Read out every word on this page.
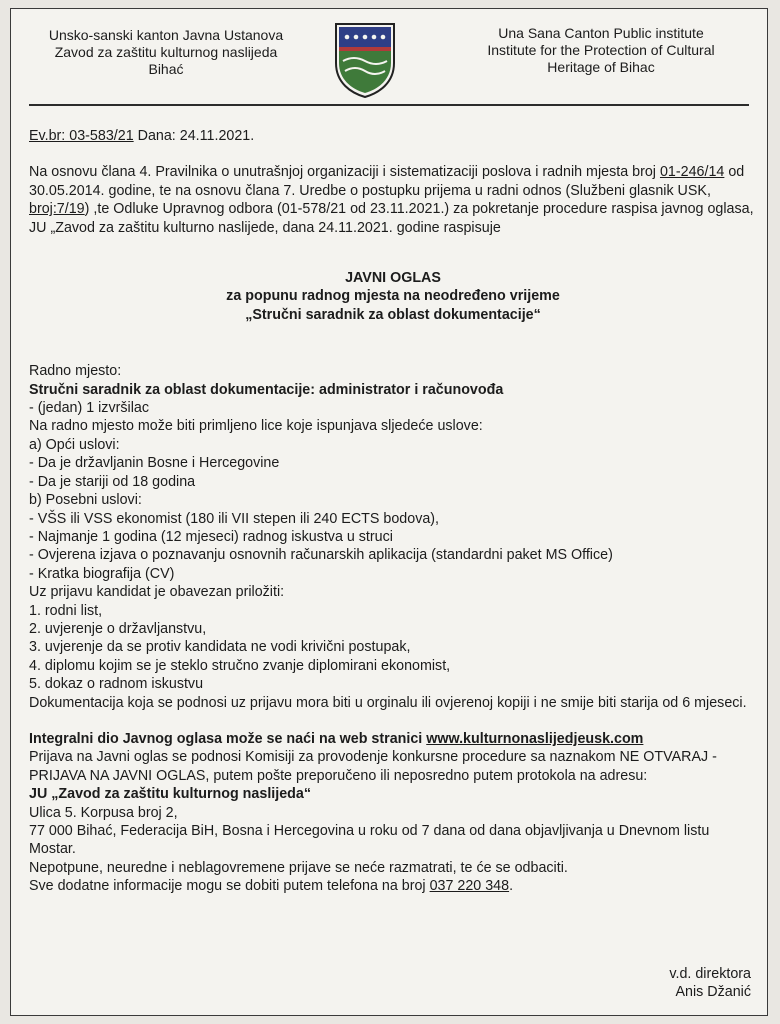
Unsko-sanski kanton Javna Ustanova
Zavod za zaštitu kulturnog naslijeda
Bihać
Una Sana Canton Public institute
Institute for the Protection of Cultural
Heritage of Bihac

Ev.br: 03-583/21 Dana: 24.11.2021.

Na osnovu člana 4. Pravilnika o unutrašnjoj organizaciji i sistematizaciji poslova i radnih mjesta broj 01-246/14 od 30.05.2014. godine, te na osnovu člana 7. Uredbe o postupku prijema u radni odnos (Službeni glasnik USK, broj:7/19) ,te Odluke Upravnog odbora (01-578/21 od 23.11.2021.) za pokretanje procedure raspisa javnog oglasa, JU „Zavod za zaštitu kulturno naslijede, dana 24.11.2021. godine raspisuje

JAVNI OGLAS
za popunu radnog mjesta na neodređeno vrijeme
„Stručni saradnik za oblast dokumentacije“

Radno mjesto:

Stručni saradnik za oblast dokumentacije: administrator i računovođa

- (jedan) 1 izvršilac

Na radno mjesto može biti primljeno lice koje ispunjava sljedeće uslove:

a) Opći uslovi:

- Da je državljanin Bosne i Hercegovine

- Da je stariji od 18 godina

b) Posebni uslovi:

- VŠS ili VSS ekonomist (180 ili VII stepen ili 240 ECTS bodova),

- Najmanje 1 godina (12 mjeseci) radnog iskustva u struci

- Ovjerena izjava o poznavanju osnovnih računarskih aplikacija (standardni paket MS Office)

- Kratka biografija (CV)

Uz prijavu kandidat je obavezan priložiti:

1. rodni list,

2. uvjerenje o državljanstvu,

3. uvjerenje da se protiv kandidata ne vodi krivični postupak,

4. diplomu kojim se je steklo stručno zvanje diplomirani ekonomist,

5. dokaz o radnom iskustvu

Dokumentacija koja se podnosi uz prijavu mora biti u orginalu ili ovjerenoj kopiji i ne smije biti starija od 6 mjeseci.

Integralni dio Javnog oglasa može se naći na web stranici www.kulturnonaslijedjeusk.com

Prijava na Javni oglas se podnosi Komisiji za provodenje konkursne procedure sa naznakom NE OTVARAJ - PRIJAVA NA JAVNI OGLAS, putem pošte preporučeno ili neposredno putem protokola na adresu:

JU „Zavod za zaštitu kulturnog naslijeda“

Ulica 5. Korpusa broj 2,

77 000 Bihać, Federacija BiH, Bosna i Hercegovina u roku od 7 dana od dana objavljivanja u Dnevnom listu Mostar.

Nepotpune, neuredne i neblagovremene prijave se neće razmatrati, te će se odbaciti.

Sve dodatne informacije mogu se dobiti putem telefona na broj 037 220 348.

v.d. direktora
Anis Džanić
